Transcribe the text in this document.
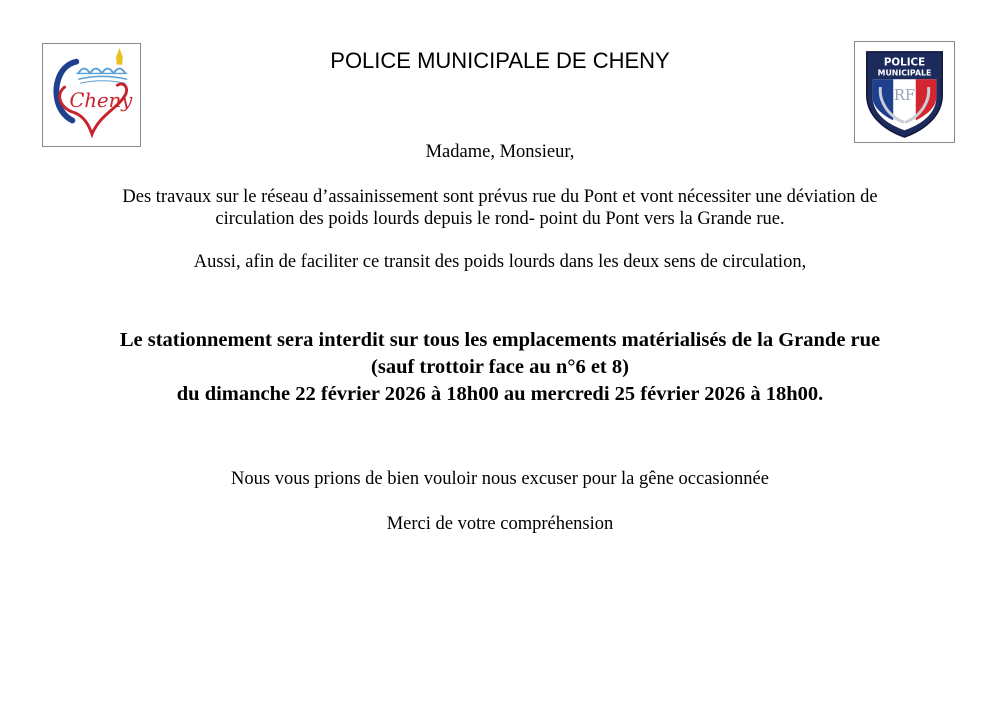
Cheny
POLICE MUNICIPALE DE CHENY
RF
POLICE
MUNICIPALE
Madame, Monsieur,
Des travaux sur le réseau d’assainissement sont prévus rue du Pont et vont nécessiter une déviation de
circulation des poids lourds depuis le rond- point du Pont vers la Grande rue.
Aussi, afin de faciliter ce transit des poids lourds dans les deux sens de circulation,
Le stationnement sera interdit sur tous les emplacements matérialisés de la Grande rue
(sauf trottoir face au n°6 et 8)
du dimanche 22 février 2026 à 18h00 au mercredi 25 février 2026 à 18h00.
Nous vous prions de bien vouloir nous excuser pour la gêne occasionnée
Merci de votre compréhension
